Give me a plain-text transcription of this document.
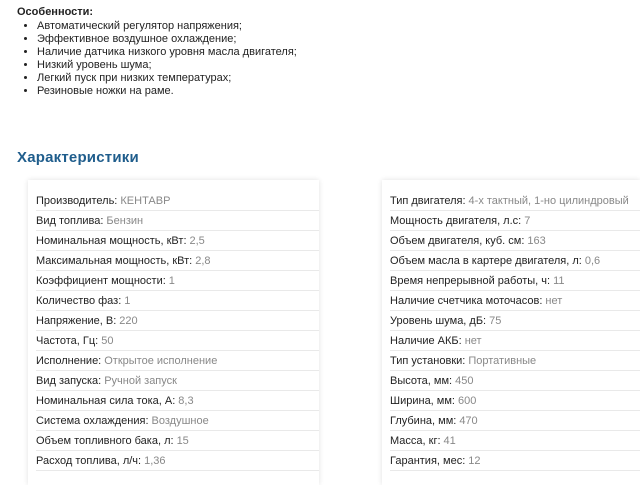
Особенности:
Автоматический регулятор напряжения;
Эффективное воздушное охлаждение;
Наличие датчика низкого уровня масла двигателя;
Низкий уровень шума;
Легкий пуск при низких температурах;
Резиновые ножки на раме.
Характеристики
Производитель: КЕНТАВР
Вид топлива: Бензин
Номинальная мощность, кВт: 2,5
Максимальная мощность, кВт: 2,8
Коэффициент мощности: 1
Количество фаз: 1
Напряжение, В: 220
Частота, Гц: 50
Исполнение: Открытое исполнение
Вид запуска: Ручной запуск
Номинальная сила тока, А: 8,3
Система охлаждения: Воздушное
Объем топливного бака, л: 15
Расход топлива, л/ч: 1,36
Тип двигателя: 4-х тактный, 1-но цилиндровый
Мощность двигателя, л.с: 7
Объем двигателя, куб. см: 163
Объем масла в картере двигателя, л: 0,6
Время непрерывной работы, ч: 11
Наличие счетчика моточасов: нет
Уровень шума, дБ: 75
Наличие АКБ: нет
Тип установки: Портативные
Высота, мм: 450
Ширина, мм: 600
Глубина, мм: 470
Масса, кг: 41
Гарантия, мес: 12
